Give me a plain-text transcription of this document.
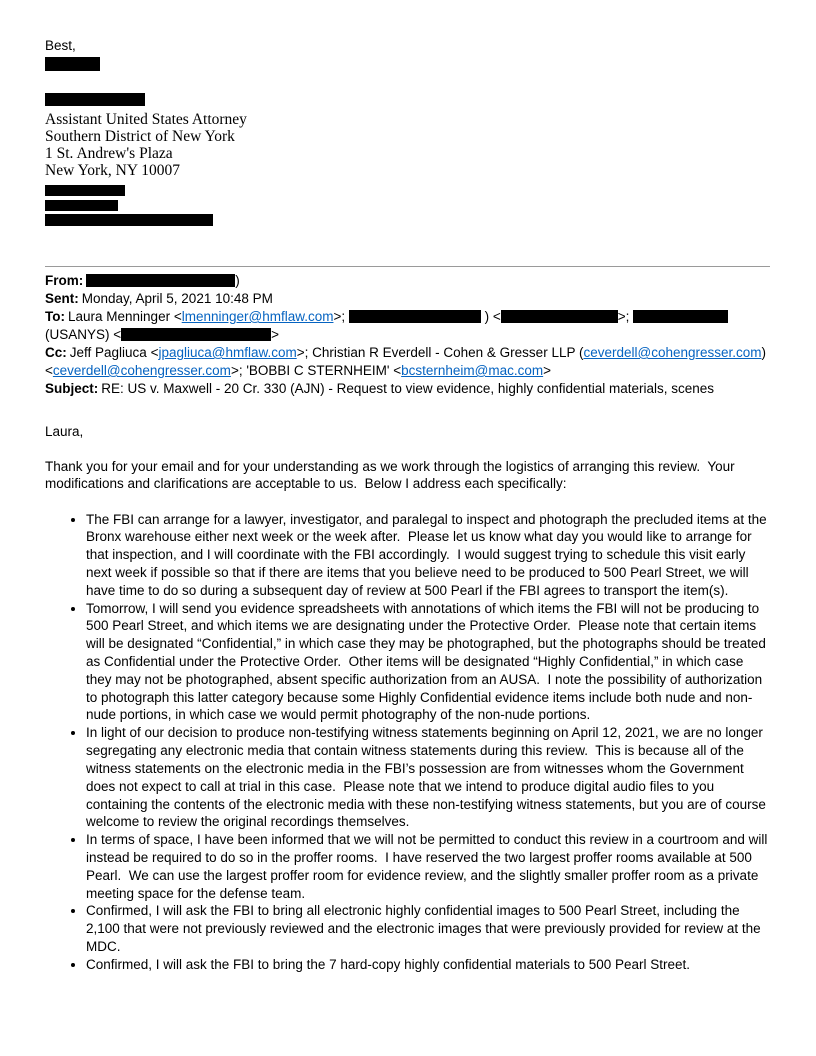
Best,
Assistant United States Attorney
Southern District of New York
1 St. Andrew's Plaza
New York, NY 10007
From:	)
Sent: Monday, April 5, 2021 10:48 PM
To: Laura Menninger <lmenninger@hmflaw.com>;	) <	>;
(USANYS) <	>
Cc: Jeff Pagliuca <jpagliuca@hmflaw.com>; Christian R Everdell - Cohen & Gresser LLP (ceverdell@cohengresser.com)
<ceverdell@cohengresser.com>; 'BOBBI C STERNHEIM' <bcsternheim@mac.com>
Subject: RE: US v. Maxwell - 20 Cr. 330 (AJN) - Request to view evidence, highly confidential materials, scenes

Laura,

Thank you for your email and for your understanding as we work through the logistics of arranging this review.  Your modifications and clarifications are acceptable to us.  Below I address each specifically:

• The FBI can arrange for a lawyer, investigator, and paralegal to inspect and photograph the precluded items at the Bronx warehouse either next week or the week after.  Please let us know what day you would like to arrange for that inspection, and I will coordinate with the FBI accordingly.  I would suggest trying to schedule this visit early next week if possible so that if there are items that you believe need to be produced to 500 Pearl Street, we will have time to do so during a subsequent day of review at 500 Pearl if the FBI agrees to transport the item(s).
• Tomorrow, I will send you evidence spreadsheets with annotations of which items the FBI will not be producing to 500 Pearl Street, and which items we are designating under the Protective Order.  Please note that certain items will be designated “Confidential,” in which case they may be photographed, but the photographs should be treated as Confidential under the Protective Order.  Other items will be designated “Highly Confidential,” in which case they may not be photographed, absent specific authorization from an AUSA.  I note the possibility of authorization to photograph this latter category because some Highly Confidential evidence items include both nude and non-nude portions, in which case we would permit photography of the non-nude portions.
• In light of our decision to produce non-testifying witness statements beginning on April 12, 2021, we are no longer segregating any electronic media that contain witness statements during this review.  This is because all of the witness statements on the electronic media in the FBI’s possession are from witnesses whom the Government does not expect to call at trial in this case.  Please note that we intend to produce digital audio files to you containing the contents of the electronic media with these non-testifying witness statements, but you are of course welcome to review the original recordings themselves.
• In terms of space, I have been informed that we will not be permitted to conduct this review in a courtroom and will instead be required to do so in the proffer rooms.  I have reserved the two largest proffer rooms available at 500 Pearl.  We can use the largest proffer room for evidence review, and the slightly smaller proffer room as a private meeting space for the defense team.
• Confirmed, I will ask the FBI to bring all electronic highly confidential images to 500 Pearl Street, including the 2,100 that were not previously reviewed and the electronic images that were previously provided for review at the MDC.
• Confirmed, I will ask the FBI to bring the 7 hard-copy highly confidential materials to 500 Pearl Street.
